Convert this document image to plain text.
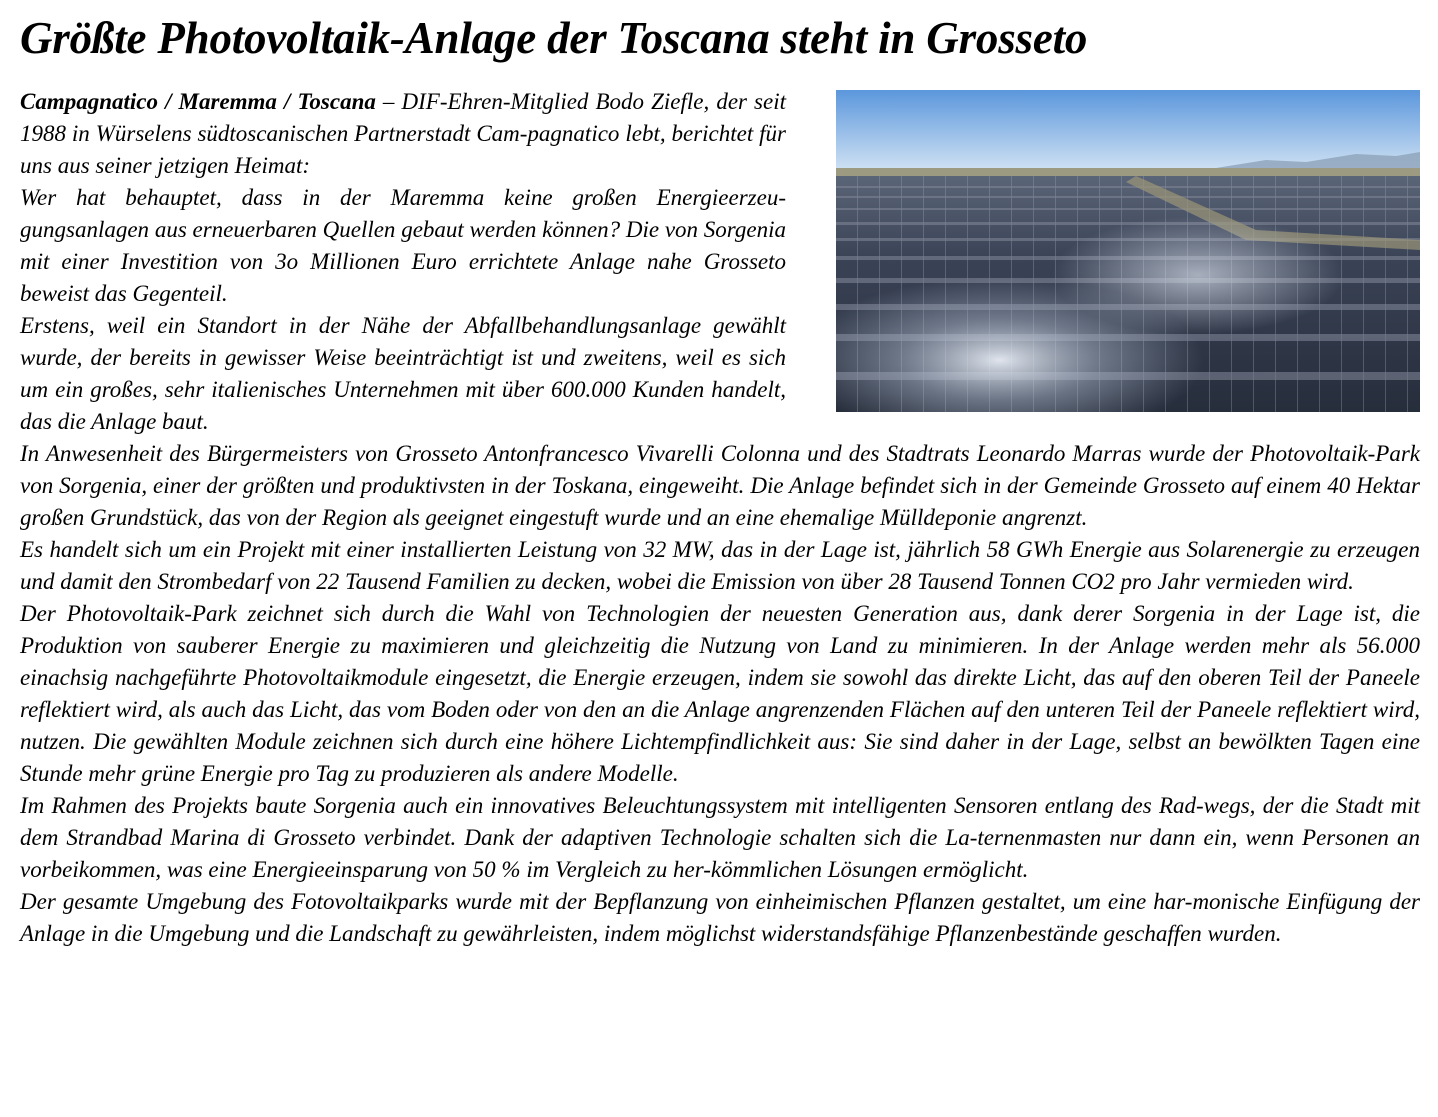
Größte Photovoltaik-Anlage der Toscana steht in Grosseto

Campagnatico / Maremma / Toscana – DIF-Ehren-Mitglied Bodo Ziefle, der seit 1988 in Würselens südtoscanischen Partnerstadt Cam-pagnatico lebt, berichtet für uns aus seiner jetzigen Heimat:

Wer hat behauptet, dass in der Maremma keine großen Energieerzeu-gungsanlagen aus erneuerbaren Quellen gebaut werden können? Die von Sorgenia mit einer Investition von 3o Millionen Euro errichtete Anlage nahe Grosseto beweist das Gegenteil.

Erstens, weil ein Standort in der Nähe der Abfallbehandlungsanlage gewählt wurde, der bereits in gewisser Weise beeinträchtigt ist und zweitens, weil es sich um ein großes, sehr italienisches Unternehmen mit über 600.000 Kunden handelt, das die Anlage baut.

In Anwesenheit des Bürgermeisters von Grosseto Antonfrancesco Vivarelli Colonna und des Stadtrats Leonardo Marras wurde der Photovoltaik-Park von Sorgenia, einer der größten und produktivsten in der Toskana, eingeweiht. Die Anlage befindet sich in der Gemeinde Grosseto auf einem 40 Hektar großen Grundstück, das von der Region als geeignet eingestuft wurde und an eine ehemalige Mülldeponie angrenzt.

Es handelt sich um ein Projekt mit einer installierten Leistung von 32 MW, das in der Lage ist, jährlich 58 GWh Energie aus Solarenergie zu erzeugen und damit den Strombedarf von 22 Tausend Familien zu decken, wobei die Emission von über 28 Tausend Tonnen CO2 pro Jahr vermieden wird.

Der Photovoltaik-Park zeichnet sich durch die Wahl von Technologien der neuesten Generation aus, dank derer Sorgenia in der Lage ist, die Produktion von sauberer Energie zu maximieren und gleichzeitig die Nutzung von Land zu minimieren. In der Anlage werden mehr als 56.000 einachsig nachgeführte Photovoltaikmodule eingesetzt, die Energie erzeugen, indem sie sowohl das direkte Licht, das auf den oberen Teil der Paneele reflektiert wird, als auch das Licht, das vom Boden oder von den an die Anlage angrenzenden Flächen auf den unteren Teil der Paneele reflektiert wird, nutzen. Die gewählten Module zeichnen sich durch eine höhere Lichtempfindlichkeit aus: Sie sind daher in der Lage, selbst an bewölkten Tagen eine Stunde mehr grüne Energie pro Tag zu produzieren als andere Modelle.

Im Rahmen des Projekts baute Sorgenia auch ein innovatives Beleuchtungssystem mit intelligenten Sensoren entlang des Rad-wegs, der die Stadt mit dem Strandbad Marina di Grosseto verbindet. Dank der adaptiven Technologie schalten sich die La-ternenmasten nur dann ein, wenn Personen an vorbeikommen, was eine Energieeinsparung von 50 % im Vergleich zu her-kömmlichen Lösungen ermöglicht.

Der gesamte Umgebung des Fotovoltaikparks wurde mit der Bepflanzung von einheimischen Pflanzen gestaltet, um eine har-monische Einfügung der Anlage in die Umgebung und die Landschaft zu gewährleisten, indem möglichst widerstandsfähige Pflanzenbestände geschaffen wurden.
